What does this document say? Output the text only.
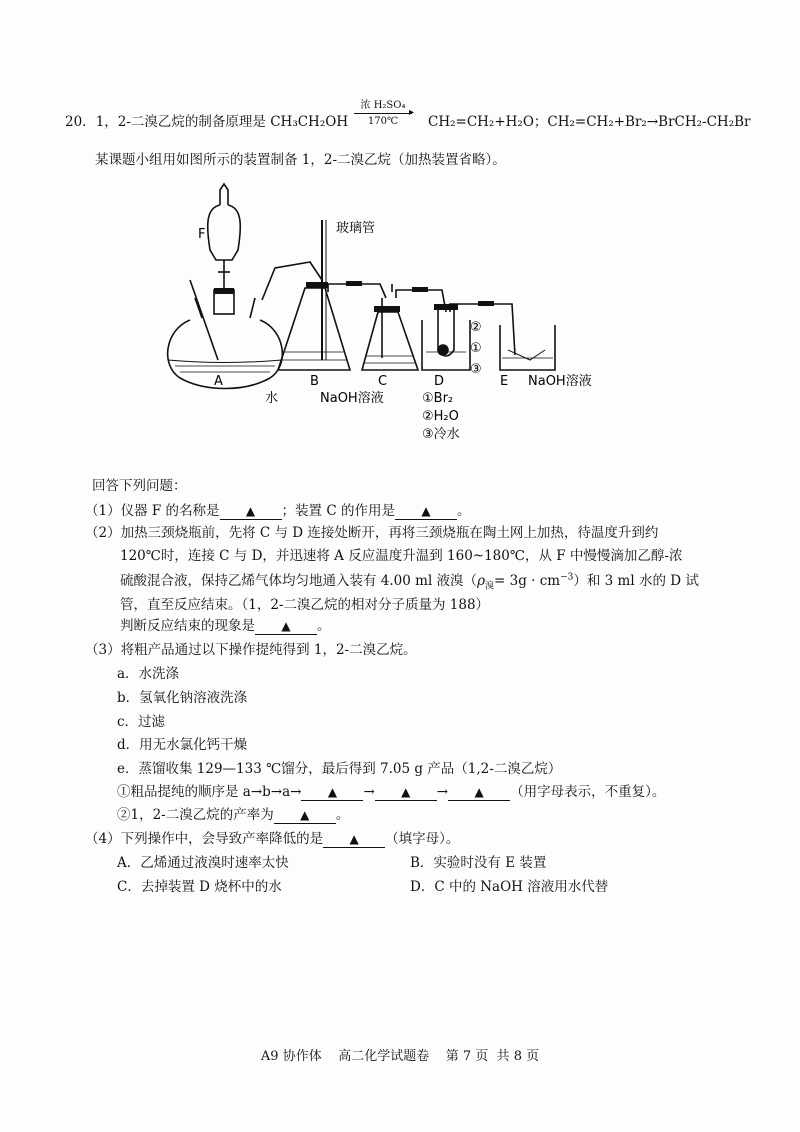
20．1，2-二溴乙烷的制备原理是 CH₃CH₂OH
浓 H₂SO₄
▸
170℃	CH₂=CH₂+H₂O；CH₂=CH₂+Br₂→BrCH₂-CH₂Br
某课题小组用如图所示的装置制备 1，2-二溴乙烷（加热装置省略）。
F	玻璃管
A	B	C	D	E
水	NaOH溶液
NaOH溶液
②
①
③
①Br₂
②H₂O
③冷水
回答下列问题：
（1）仪器 F 的名称是 ▲ ；装置 C 的作用是 ▲ 。
（2）加热三颈烧瓶前，先将 C 与 D 连接处断开，再将三颈烧瓶在陶土网上加热，待温度升到约
120℃时，连接 C 与 D，并迅速将 A 反应温度升温到 160~180℃，从 F 中慢慢滴加乙醇-浓
硫酸混合液，保持乙烯气体均匀地通入装有 4.00 ml 液溴$(\rho_溴= 3g \cdot cm^{-3})$和 3 ml 水的 D 试
管，直至反应结束。（1，2-二溴乙烷的相对分子质量为 188）
判断反应结束的现象是 ▲ 。
（3）将粗产品通过以下操作提纯得到 1，2-二溴乙烷。
a．水洗涤
b．氢氧化钠溶液洗涤
c．过滤
d．用无水氯化钙干燥
e．蒸馏收集 129—133 ℃馏分，最后得到 7.05 g 产品（1,2-二溴乙烷）
①粗品提纯的顺序是 a→b→a→ ▲ → ▲ → ▲ （用字母表示，不重复）。
②1，2-二溴乙烷的产率为 ▲ 。
（4）下列操作中，会导致产率降低的是 ▲ （填字母）。
A．乙烯通过液溴时速率太快	B．实验时没有 E 装置
C．去掉装置 D 烧杯中的水	D．C 中的 NaOH 溶液用水代替
A9 协作体    高二化学试题卷    第 7 页  共 8 页
